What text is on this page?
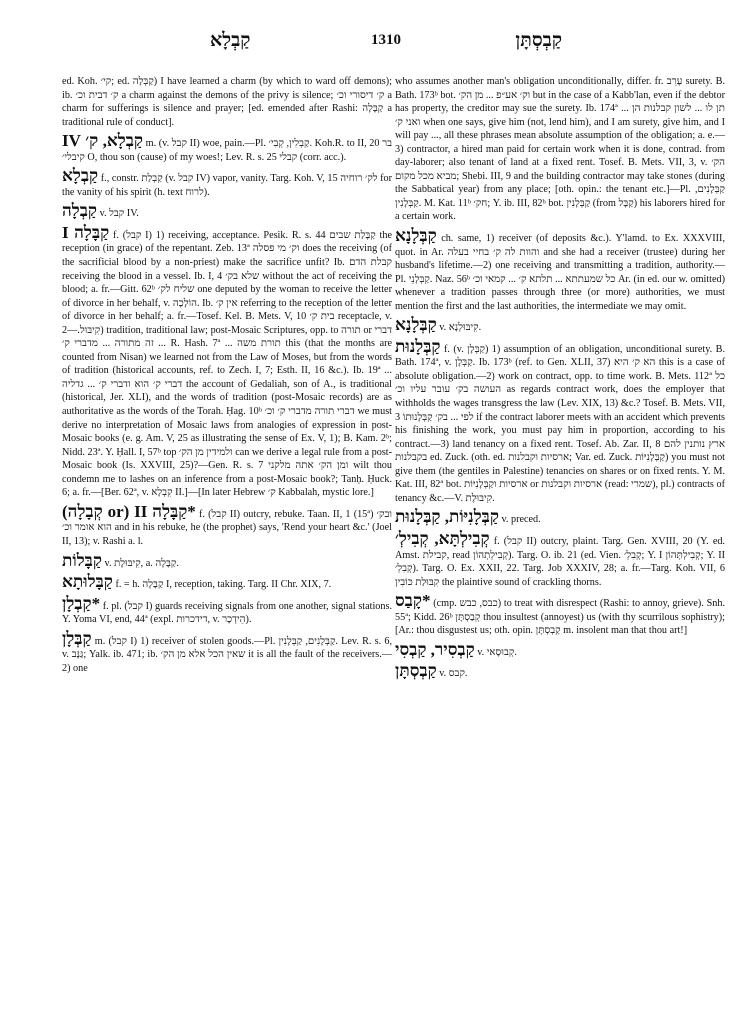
קַבְלָא	1310	קַבְסְתָּן

ed. Koh. קי׳; ed. קַבְּלָה) I have learned a charm (by which to ward off demons); ib. ק׳ דבית וכ׳ a charm against the demons of the privy is silence; ק׳ דיסורי וכ׳ a charm for sufferings is silence and prayer; [ed. emended after Rashi: קַבָּלָה a traditional rule of conduct].

קַבְלָא, ק׳ IV m. (v. קבל II) woe, pain.—Pl. קַבְלִין, קְבִי׳. Koh.R. to II, 20 בר קיבלי׳ O, thou son (cause) of my woes!; Lev. R. s. 25 קבלי (corr. acc.).

קַבְלָא f., constr. קַבְלַת (v. קבל IV) vapor, vanity. Targ. Koh. V, 15 לק׳ רוחיה for the vanity of his spirit (h. text לרוח).

קַבְלָה v. קבל IV.

קַבָּלָה I f. (קבל I) 1) receiving, acceptance. Pesik. R. s. 44 קַבָּלַת שבים the reception (in grace) of the repentant. Zeb. 13ª וק׳ מי פסלה does the receiving (of the sacrificial blood by a non-priest) make the sacrifice unfit? Ib. קבלת הדם receiving the blood in a vessel. Ib. I, 4 שלא בק׳ without the act of receiving the blood; a. fr.—Gitt. 62ᵇ שליח לק׳ one deputed by the woman to receive the letter of divorce in her behalf, v. הוֹלָכָה. Ib. אין ק׳ referring to the reception of the letter of divorce in her behalf; a. fr.—Tosef. Kel. B. Mets. V, 10 בית ק׳ receptacle, v. קִיבּוּל.—2) tradition, traditional law; post-Mosaic Scriptures, opp. to תורה or דברי זה מתורה ... מדברי ק׳ ... R. Hash. 7ª ... תורת משה this (that the months are counted from Nisan) we learned not from the Law of Moses, but from the words of tradition (historical accounts, ref. to Zech. I, 7; Esth. II, 16 &c.). Ib. 19ª ... דברי ק׳ הוא ודברי ק׳ ... גדליה the account of Gedaliah, son of A., is traditional (historical, Jer. XLI), and the words of tradition (post-Mosaic records) are as authoritative as the words of the Torah. Ḥag. 10ᵇ דברי תורה מדברי ק׳ וכ׳ we must derive no interpretation of Mosaic laws from analogies of expression in post-Mosaic books (e. g. Am. V, 25 as illustrating the sense of Ex. V, 1); B. Kam. 2ᵇ; Nidd. 23ª. Y. Ḥall. I, 57ᵇ top ולמידין מן הק׳ can we derive a legal rule from a post-Mosaic book (Is. XXVIII, 25)?—Gen. R. s. 7 ומן הק׳ אתה מלקני wilt thou condemn me to lashes on an inference from a post-Mosaic book?; Tanḥ. Ḥuck. 6; a. fr.—[Ber. 62ª, v. קִבְלָא II.]—[In later Hebrew ק׳ Kabbalah, mystic lore.]

*קַבָּלָה II (or קְבָלָה) f. (קבל II) outcry, rebuke. Taan. II, 1 (15ª) ובק׳ הוא אומר וכ׳ and in his rebuke, he (the prophet) says, 'Rend your heart &c.' (Joel II, 13); v. Rashi a. l.

קַבָּלוֹת v. קִיבּוּלֶת, a. קַבָּלָה.

קַבָּלוּתָא f. = h. קַבָּלָה I, reception, taking. Targ. II Chr. XIX, 7.

*קַבְלָן f. pl. (קבל I) guards receiving signals from one another, signal stations. Y. Yoma VI, end, 44ª (expl. דידכרות, v. הֵידְכָר).

קַבְּלָן m. (קבל I) 1) receiver of stolen goods.—Pl. קַבְּלָנִים, קַבְּלָנִין. Lev. R. s. 6, v. גַּנָּב; Yalk. ib. 471; ib. שאין הכל אלא מן הק׳ it is all the fault of the receivers.—2) one

who assumes another man's obligation unconditionally, differ. fr. עָרֵב surety. B. Bath. 173ᵇ bot. וק׳ אע״פ ... מן הק׳ but in the case of a Kabb'lan, even if the debtor has property, the creditor may sue the surety. Ib. 174ª תן לו ... לשון קבלנות הן ... ואני ק׳ when one says, give him (not, lend him), and I am surety, give him, and I will pay ..., all these phrases mean absolute assumption of the obligation; a. e.—3) contractor, a hired man paid for certain work when it is done, contrad. from day-laborer; also tenant of land at a fixed rent. Tosef. B. Mets. VII, 3, v. הק׳ מביא מכל מקום; Shebi. III, 9 and the building contractor may take stones (during the Sabbatical year) from any place; [oth. opin.: the tenant etc.]—Pl. קַבְּלָנִים, קַבְּלָנִין. M. Kat. 11ᵇ חק׳; Y. ib. III, 82ᵇ bot. קַבְּלָנִין (from קַבָּל) his laborers hired for a certain work.

קַבְּלָנָא ch. same, 1) receiver (of deposits &c.). Y'lamd. to Ex. XXXVIII, quot. in Ar. והוות לה ק׳ בחיי בעלה and she had a receiver (trustee) during her husband's lifetime.—2) one receiving and transmitting a tradition, authority.—Pl. קַבְּלָנֵי. Naz. 56ᵇ כל שמעתתא ... תלתא ק׳ ... קמאי וכ׳ Ar. (in ed. our w. omitted) whenever a tradition passes through three (or more) authorities, we must mention the first and the last authorities, the intermediate we may omit.

קַבְּלָנָא v. קִיבּוּלְנָא.

קַבְּלָנוּת f. (v. קַבְּלָן) 1) assumption of an obligation, unconditional surety. B. Bath. 174ª, v. קַבְּלָן. Ib. 173ᵇ (ref. to Gen. XLII, 37) הא ק׳ היא this is a case of absolute obligation.—2) work on contract, opp. to time work. B. Mets. 112ª כל העושה בק׳ עובר עליו וכ׳ as regards contract work, does the employer that withholds the wages transgress the law (Lev. XIX, 13) &c.? Tosef. B. Mets. VII, 3 לפי ... בק׳ קַבְּלָנוּתוֹ if the contract laborer meets with an accident which prevents his finishing the work, you must pay him in proportion, according to his contract.—3) land tenancy on a fixed rent. Tosef. Ab. Zar. II, 8 ארץ נותנין להם בקבלנות ed. Zuck. (oth. ed. ארסיות וקבלנות; Var. ed. Zuck. קַבְּלָנִיּוֹת) you must not give them (the gentiles in Palestine) tenancies on shares or on fixed rents. Y. M. Kat. III, 82ª bot. ארסיות וקַבְּלָנִיּוֹת or ארסיות וקבלנות (read: שמרי), pl.) contracts of tenancy &c.—V. קִיבּוּלֶת.

קַבְּלָנִיּוֹת, קַבְּלָנוּת v. preced.

קְבִילְתָּא, קְבִילְ׳ f. (קבל II) outcry, plaint. Targ. Gen. XVIII, 20 (Y. ed. Amst. קבילת, read קְבִילְתְהוֹן). Targ. O. ib. 21 (ed. Vien. קְבִלְ׳; Y. I קְבִילְתְּהוֹן; Y. II קְבִלְ׳). Targ. O. Ex. XXII, 22. Targ. Job XXXIV, 28; a. fr.—Targ. Koh. VII, 6 קִבּוּלַת כּוֹבִין the plaintive sound of crackling thorns.

*קָבַס (cmp. כבס, כבש) to treat with disrespect (Rashi: to annoy, grieve). Snh. 55ª; Kidd. 26ᵇ קְבַסְתָּן thou insultest (annoyest) us (with thy scurrilous sophistry); [Ar.: thou disgustest us; oth. opin. קַבְסְתָּן m. insolent man that thou art!]

קַבְסִיר, קַבְסִי v. קְבוּסָאי.

קַבְסְתָּן v. קבס.
